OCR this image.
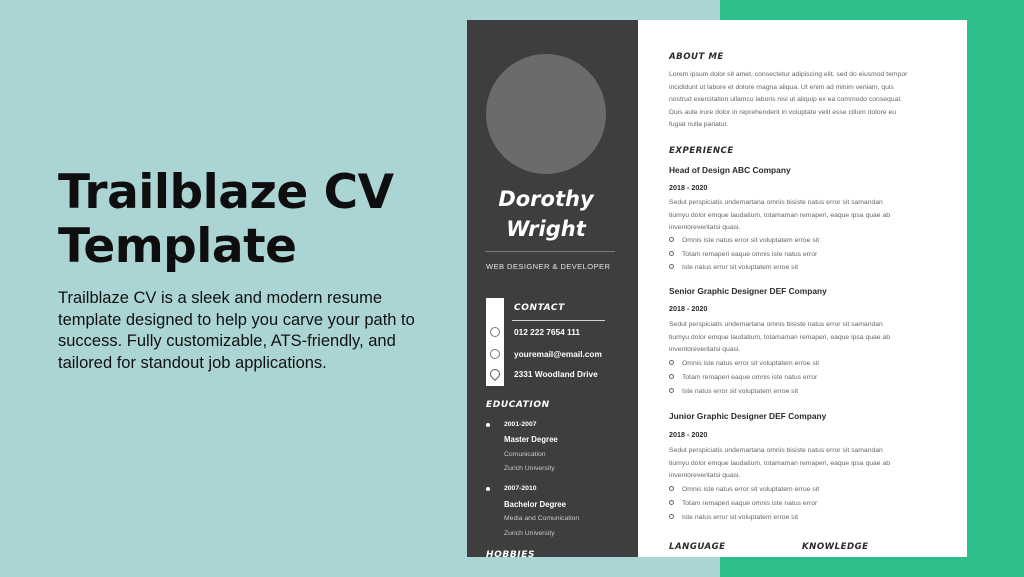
Trailblaze CV
Template

Trailblaze CV is a sleek and modern resume template designed to help you carve your path to success. Fully customizable, ATS-friendly, and tailored for standout job applications.

Dorothy
Wright
WEB DESIGNER & DEVELOPER
CONTACT
012 222 7654 111
youremail@email.com
2331 Woodland Drive
EDUCATION
2001-2007
Master Degree
Comunication
Zurich University
2007-2010
Bachelor Degree
Media and Comunication
Zurich University
HOBBIES
ABOUT ME
Lorem ipsum dolor sit amet, consectetur adipiscing elit, sed do eiusmod tempor
incididunt ut labore et dolore magna aliqua. Ut enim ad minim veniam, quis
nostrud exercitation ullamco laboris nisi ut aliquip ex ea commodo consequat.
Duis aute irure dolor in reprehenderit in voluptate velit esse cillum dolore eu
fugiat nulla pariatur.
EXPERIENCE
Head of Design ABC Company
2018 - 2020
Sedut perspiciatis undemartana omnis bisiste natus error sit samandan
tiumyu dolor emque laudatium, totamaman remaperi, eaque ipsa quae ab
inventoreveritatsi quasi.
Omnis iste natus error sit voluptatem erroe sit
Totam remaperi eaque omnis iste natus error
Iste natus error sit voluptatem erroe sit
Senior Graphic Designer DEF Company
2018 - 2020
Sedut perspiciatis undemartana omnis bisiste natus error sit samandan
tiumyu dolor emque laudatium, totamaman remaperi, eaque ipsa quae ab
inventoreveritatsi quasi.
Omnis iste natus error sit voluptatem erroe sit
Totam remaperi eaque omnis iste natus error
Iste natus error sit voluptatem erroe sit
Junior Graphic Designer DEF Company
2018 - 2020
Sedut perspiciatis undemartana omnis bisiste natus error sit samandan
tiumyu dolor emque laudatium, totamaman remaperi, eaque ipsa quae ab
inventoreveritatsi quasi.
Omnis iste natus error sit voluptatem erroe sit
Totam remaperi eaque omnis iste natus error
Iste natus error sit voluptatem erroe sit
LANGUAGE	KNOWLEDGE
